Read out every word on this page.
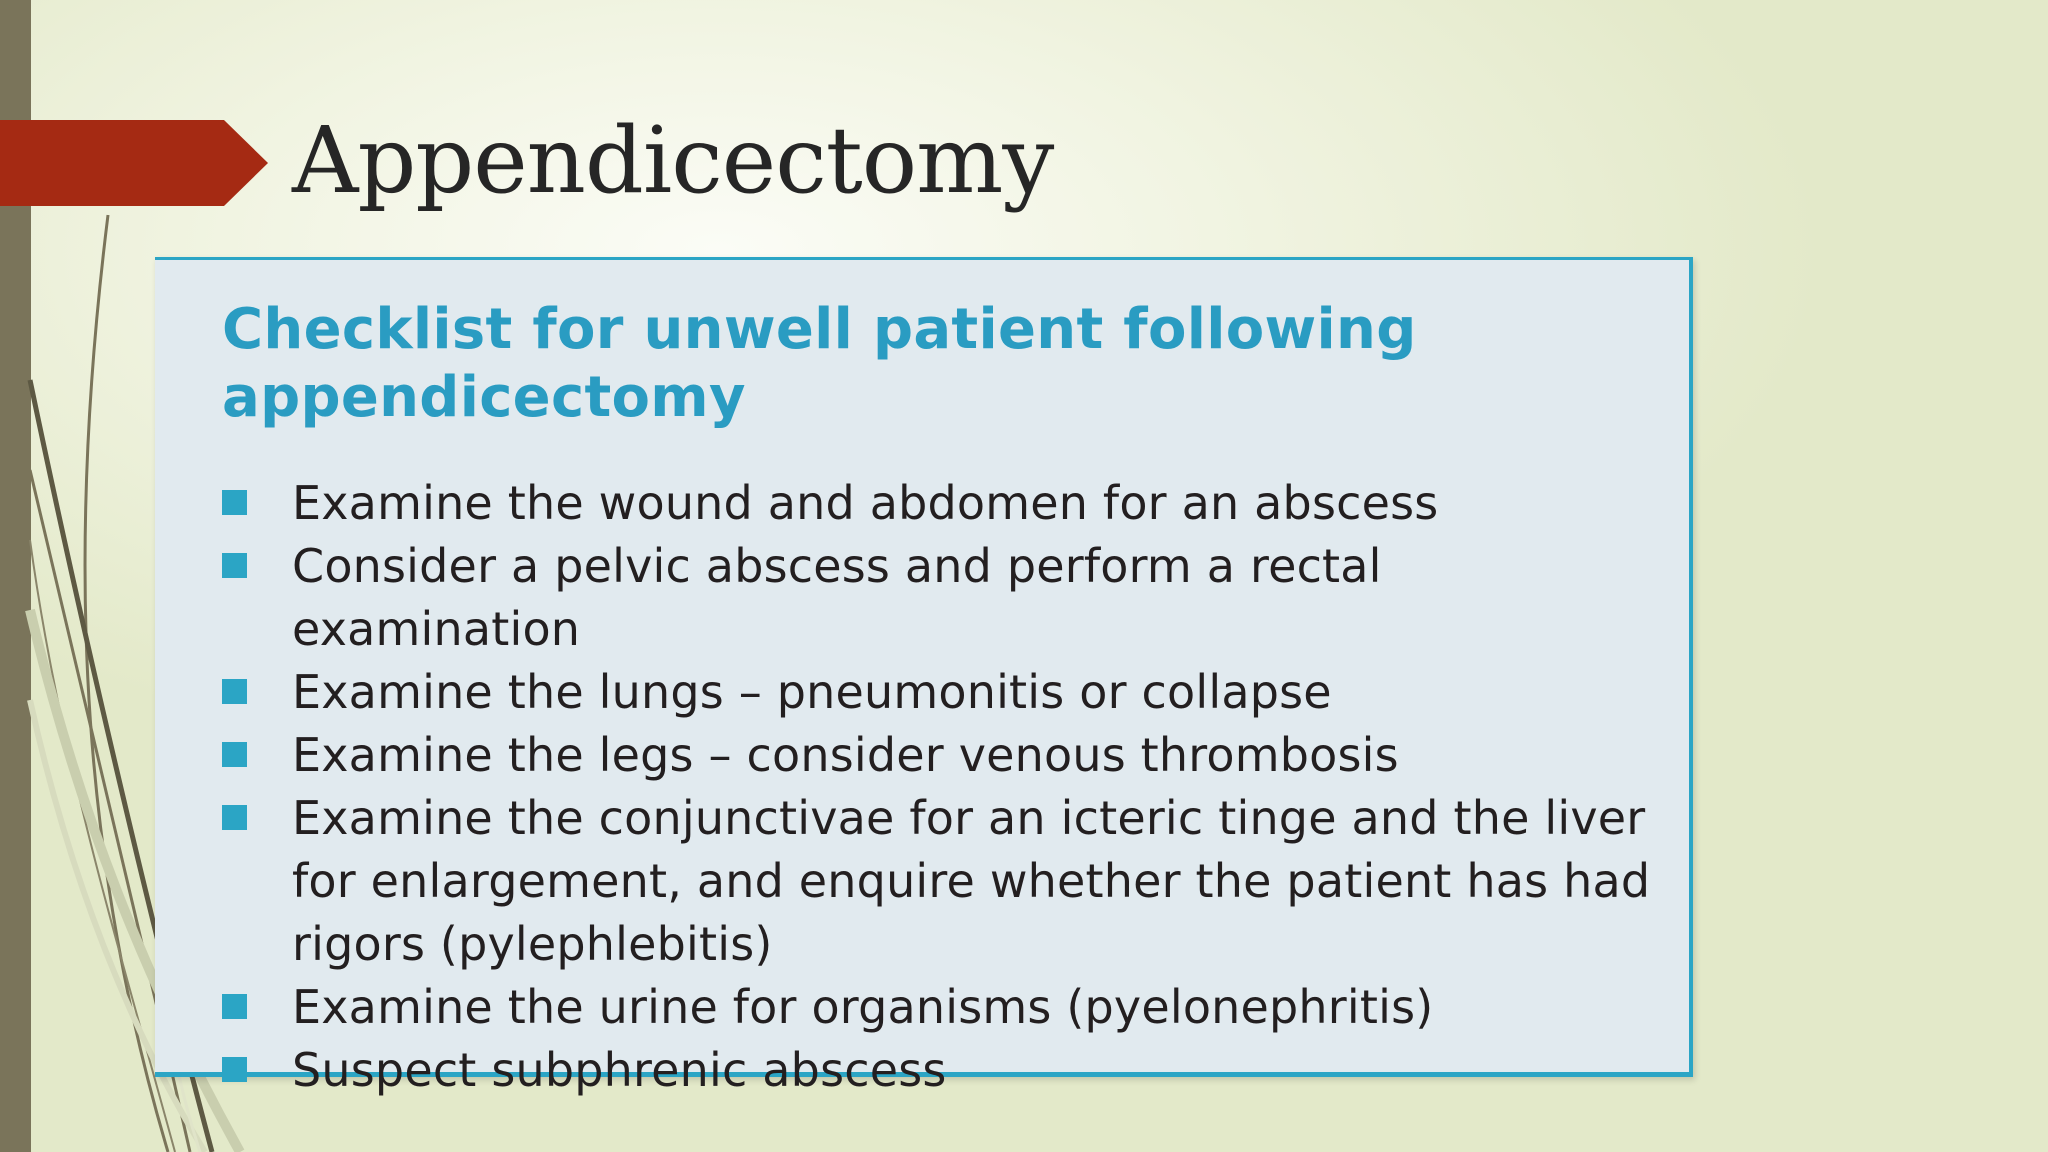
Appendicectomy
Checklist for unwell patient following
appendicectomy
Examine the wound and abdomen for an abscess
Consider a pelvic abscess and perform a rectal examination
Examine the lungs – pneumonitis or collapse
Examine the legs – consider venous thrombosis
Examine the conjunctivae for an icteric tinge and the liver
for enlargement, and enquire whether the patient has had
rigors (pylephlebitis)
Examine the urine for organisms (pyelonephritis)
Suspect subphrenic abscess
